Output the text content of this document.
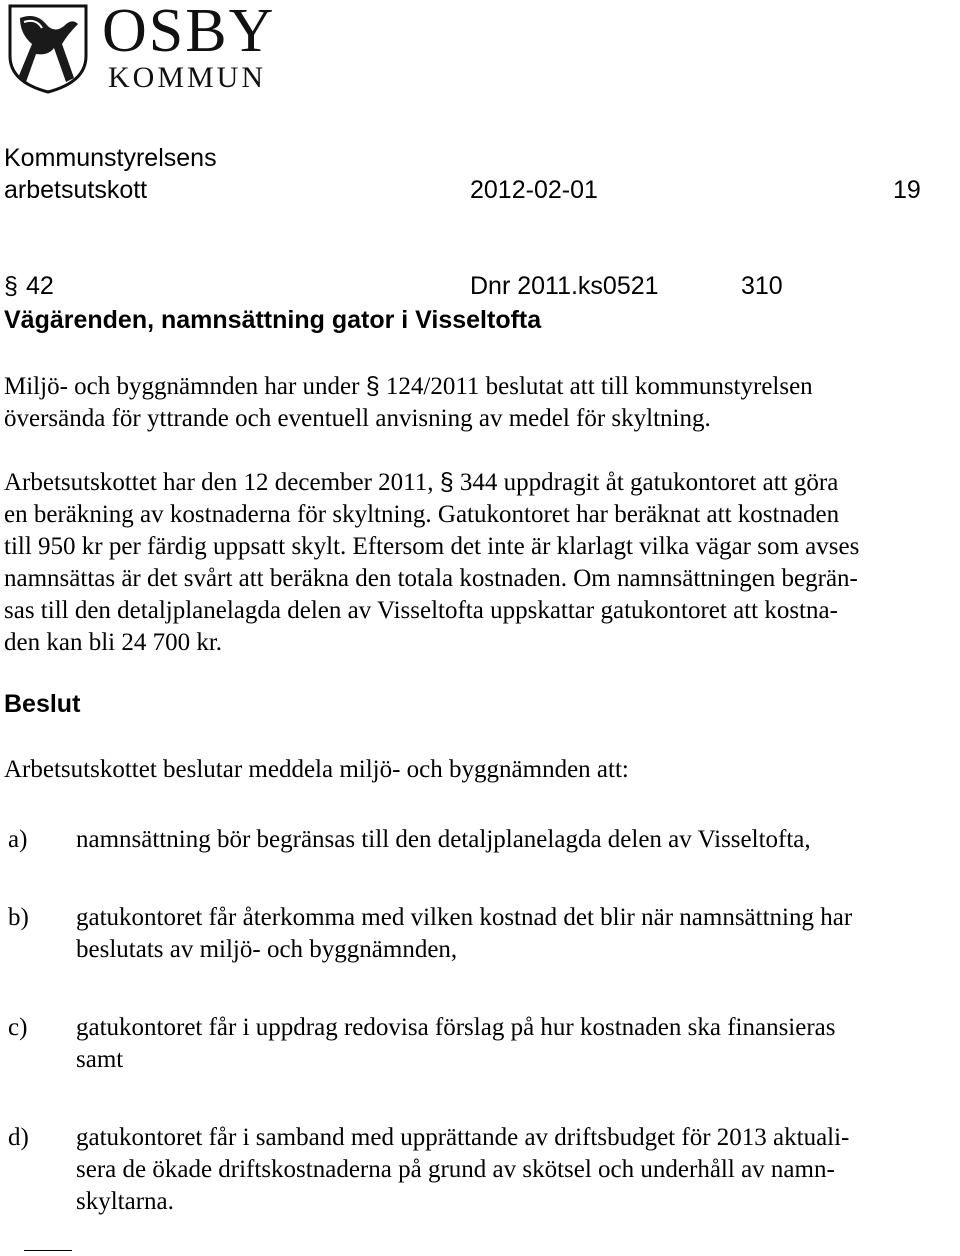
OSBY
KOMMUN
Kommunstyrelsens
arbetsutskott	2012-02-01	19
§ 42	Dnr 2011.ks0521	310
Vägärenden, namnsättning gator i Visseltofta
Miljö- och byggnämnden har under § 124/2011 beslutat att till kommunstyrelsen
översända för yttrande och eventuell anvisning av medel för skyltning.
Arbetsutskottet har den 12 december 2011, § 344 uppdragit åt gatukontoret att göra
en beräkning av kostnaderna för skyltning. Gatukontoret har beräknat att kostnaden
till 950 kr per färdig uppsatt skylt. Eftersom det inte är klarlagt vilka vägar som avses
namnsättas är det svårt att beräkna den totala kostnaden. Om namnsättningen begrän-
sas till den detaljplanelagda delen av Visseltofta uppskattar gatukontoret att kostna-
den kan bli 24 700 kr.
Beslut
Arbetsutskottet beslutar meddela miljö- och byggnämnden att:
a) namnsättning bör begränsas till den detaljplanelagda delen av Visseltofta,
b) gatukontoret får återkomma med vilken kostnad det blir när namnsättning har
beslutats av miljö- och byggnämnden,
c) gatukontoret får i uppdrag redovisa förslag på hur kostnaden ska finansieras
samt
d) gatukontoret får i samband med upprättande av driftsbudget för 2013 aktuali-
sera de ökade driftskostnaderna på grund av skötsel och underhåll av namn-
skyltarna.
